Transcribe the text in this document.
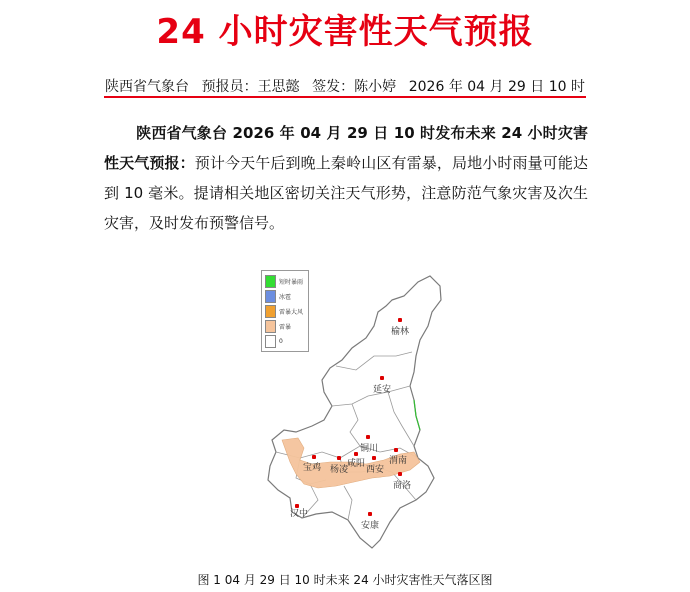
24 小时灾害性天气预报
陕西省气象台 预报员：王思懿 签发：陈小婷 2026 年 04 月 29 日 10 时
陕西省气象台 2026 年 04 月 29 日 10 时发布未来 24 小时灾害性天气预报：预计今天午后到晚上秦岭山区有雷暴，局地小时雨量可能达到 10 毫米。提请相关地区密切关注天气形势，注意防范气象灾害及次生灾害，及时发布预警信号。
短时暴雨
冰雹
雷暴大风
雷暴
0
榆林
延安
铜川
宝鸡 杨凌
咸阳
西安
渭南
商洛
汉中
安康
图 1 04 月 29 日 10 时未来 24 小时灾害性天气落区图
